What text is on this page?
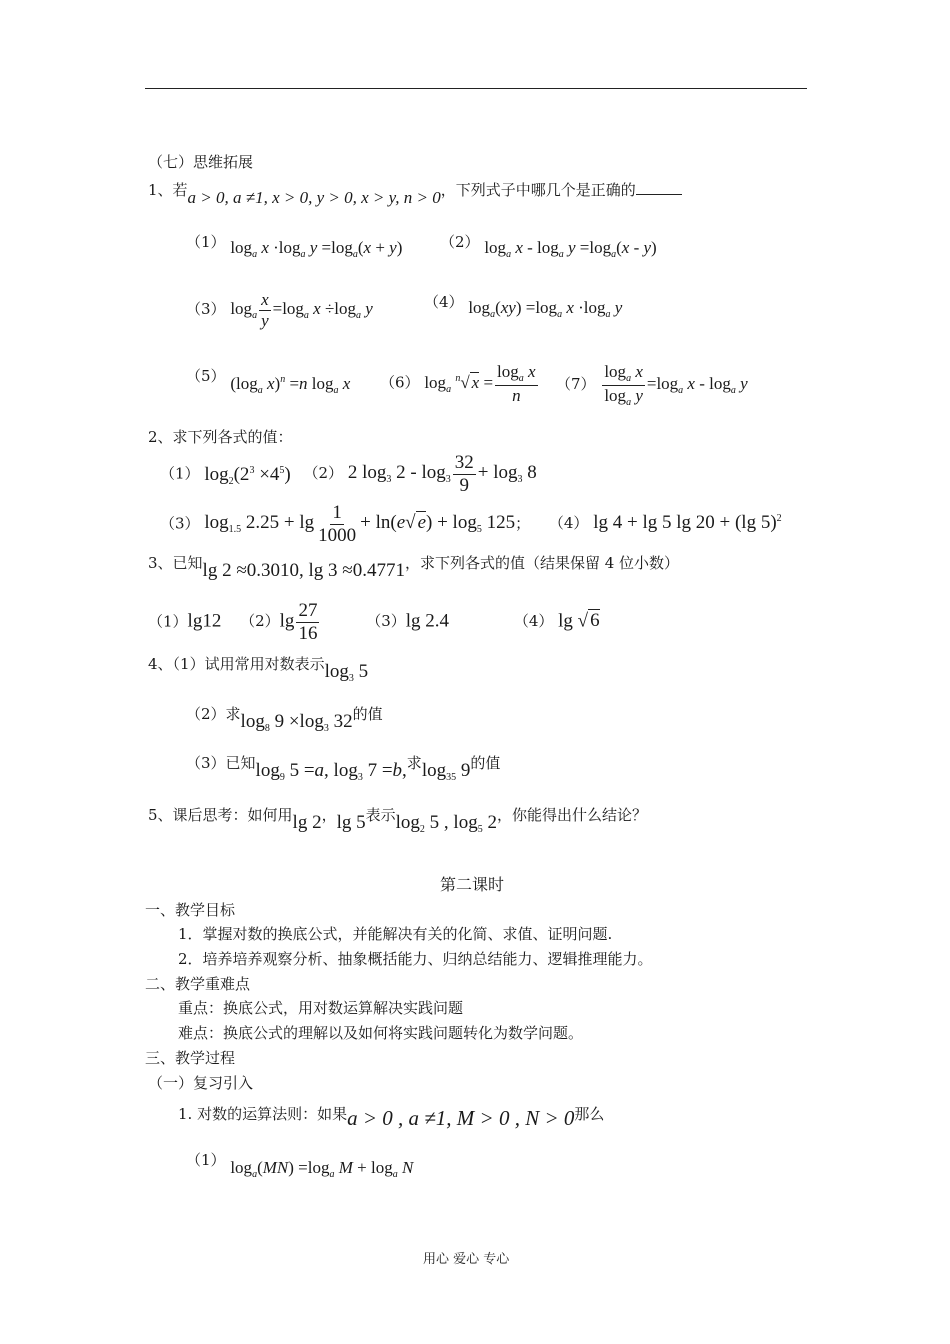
（七）思维拓展
1、若a > 0, a ≠1, x > 0, y > 0, x > y, n > 0，下列式子中哪几个是正确的
（1） $\log_a x \cdot\log_a$ $y =\log_a(x + y)$	（2） $\log_a x - \log_a y =\log_a(x - y)$
（3） $\log_a \frac{x}{y} =\log_a$ $x \div\log_a$ y	（4） $\log_a(xy) =\log_a$ $x \cdot\log_a$ y
（5） ($\log_a$ x)$^n$ =n $\log_a x$ （6） $\log_a ^n√$ $x = \frac{\log_a x}{n} (7) \frac{\log_a x}{\log_a y} =\log_a$ x - $\log_a y$
2、求下列各式的值：
（1） $\log_2(2^3 \times 4^5)$ （2） 2 $\log_3 2 - \log_3 \frac{32}{9} + \log_3 8$
（3） $\log_{1.5} 2.25 + \lg \frac{1}{1000} + \ln(e√$ $e) + \log_5 125$； （4） lg 4 + lg 5 lg 20 + (lg 5)$^2$
3、已知lg 2 ≈0.3010, lg 3 ≈0.4771，求下列各式的值（结果保留 4 位小数）
（1）lg12 $(2)\lg \frac{27}{16}$	（3）lg 2.4	（4） lg √ 6
4、（1）试用常用对数表示$\log_3 5$
（2）求$\log_8 9 \times\log_3$ 32的值
（3）已知$\log_9 5 =a$, $\log_3 7 =b$,求$\log_{35} 9$的值
5、课后思考：如何用lg 2，lg 5表示$\log_2 5$ , $\log_5 2$，你能得出什么结论？
第二课时
一、教学目标
1．掌握对数的换底公式，并能解决有关的化简、求值、证明问题.
2．培养培养观察分析、抽象概括能力、归纳总结能力、逻辑推理能力。
二、教学重难点
重点：换底公式，用对数运算解决实践问题
难点：换底公式的理解以及如何将实践问题转化为数学问题。
三、教学过程
（一）复习引入
1. 对数的运算法则：如果a > 0 , a ≠1, M > 0 , N > 0那么
（1） $\log_a(MN) =\log_a$ $M + \log_a N$
用心 爱心 专心
